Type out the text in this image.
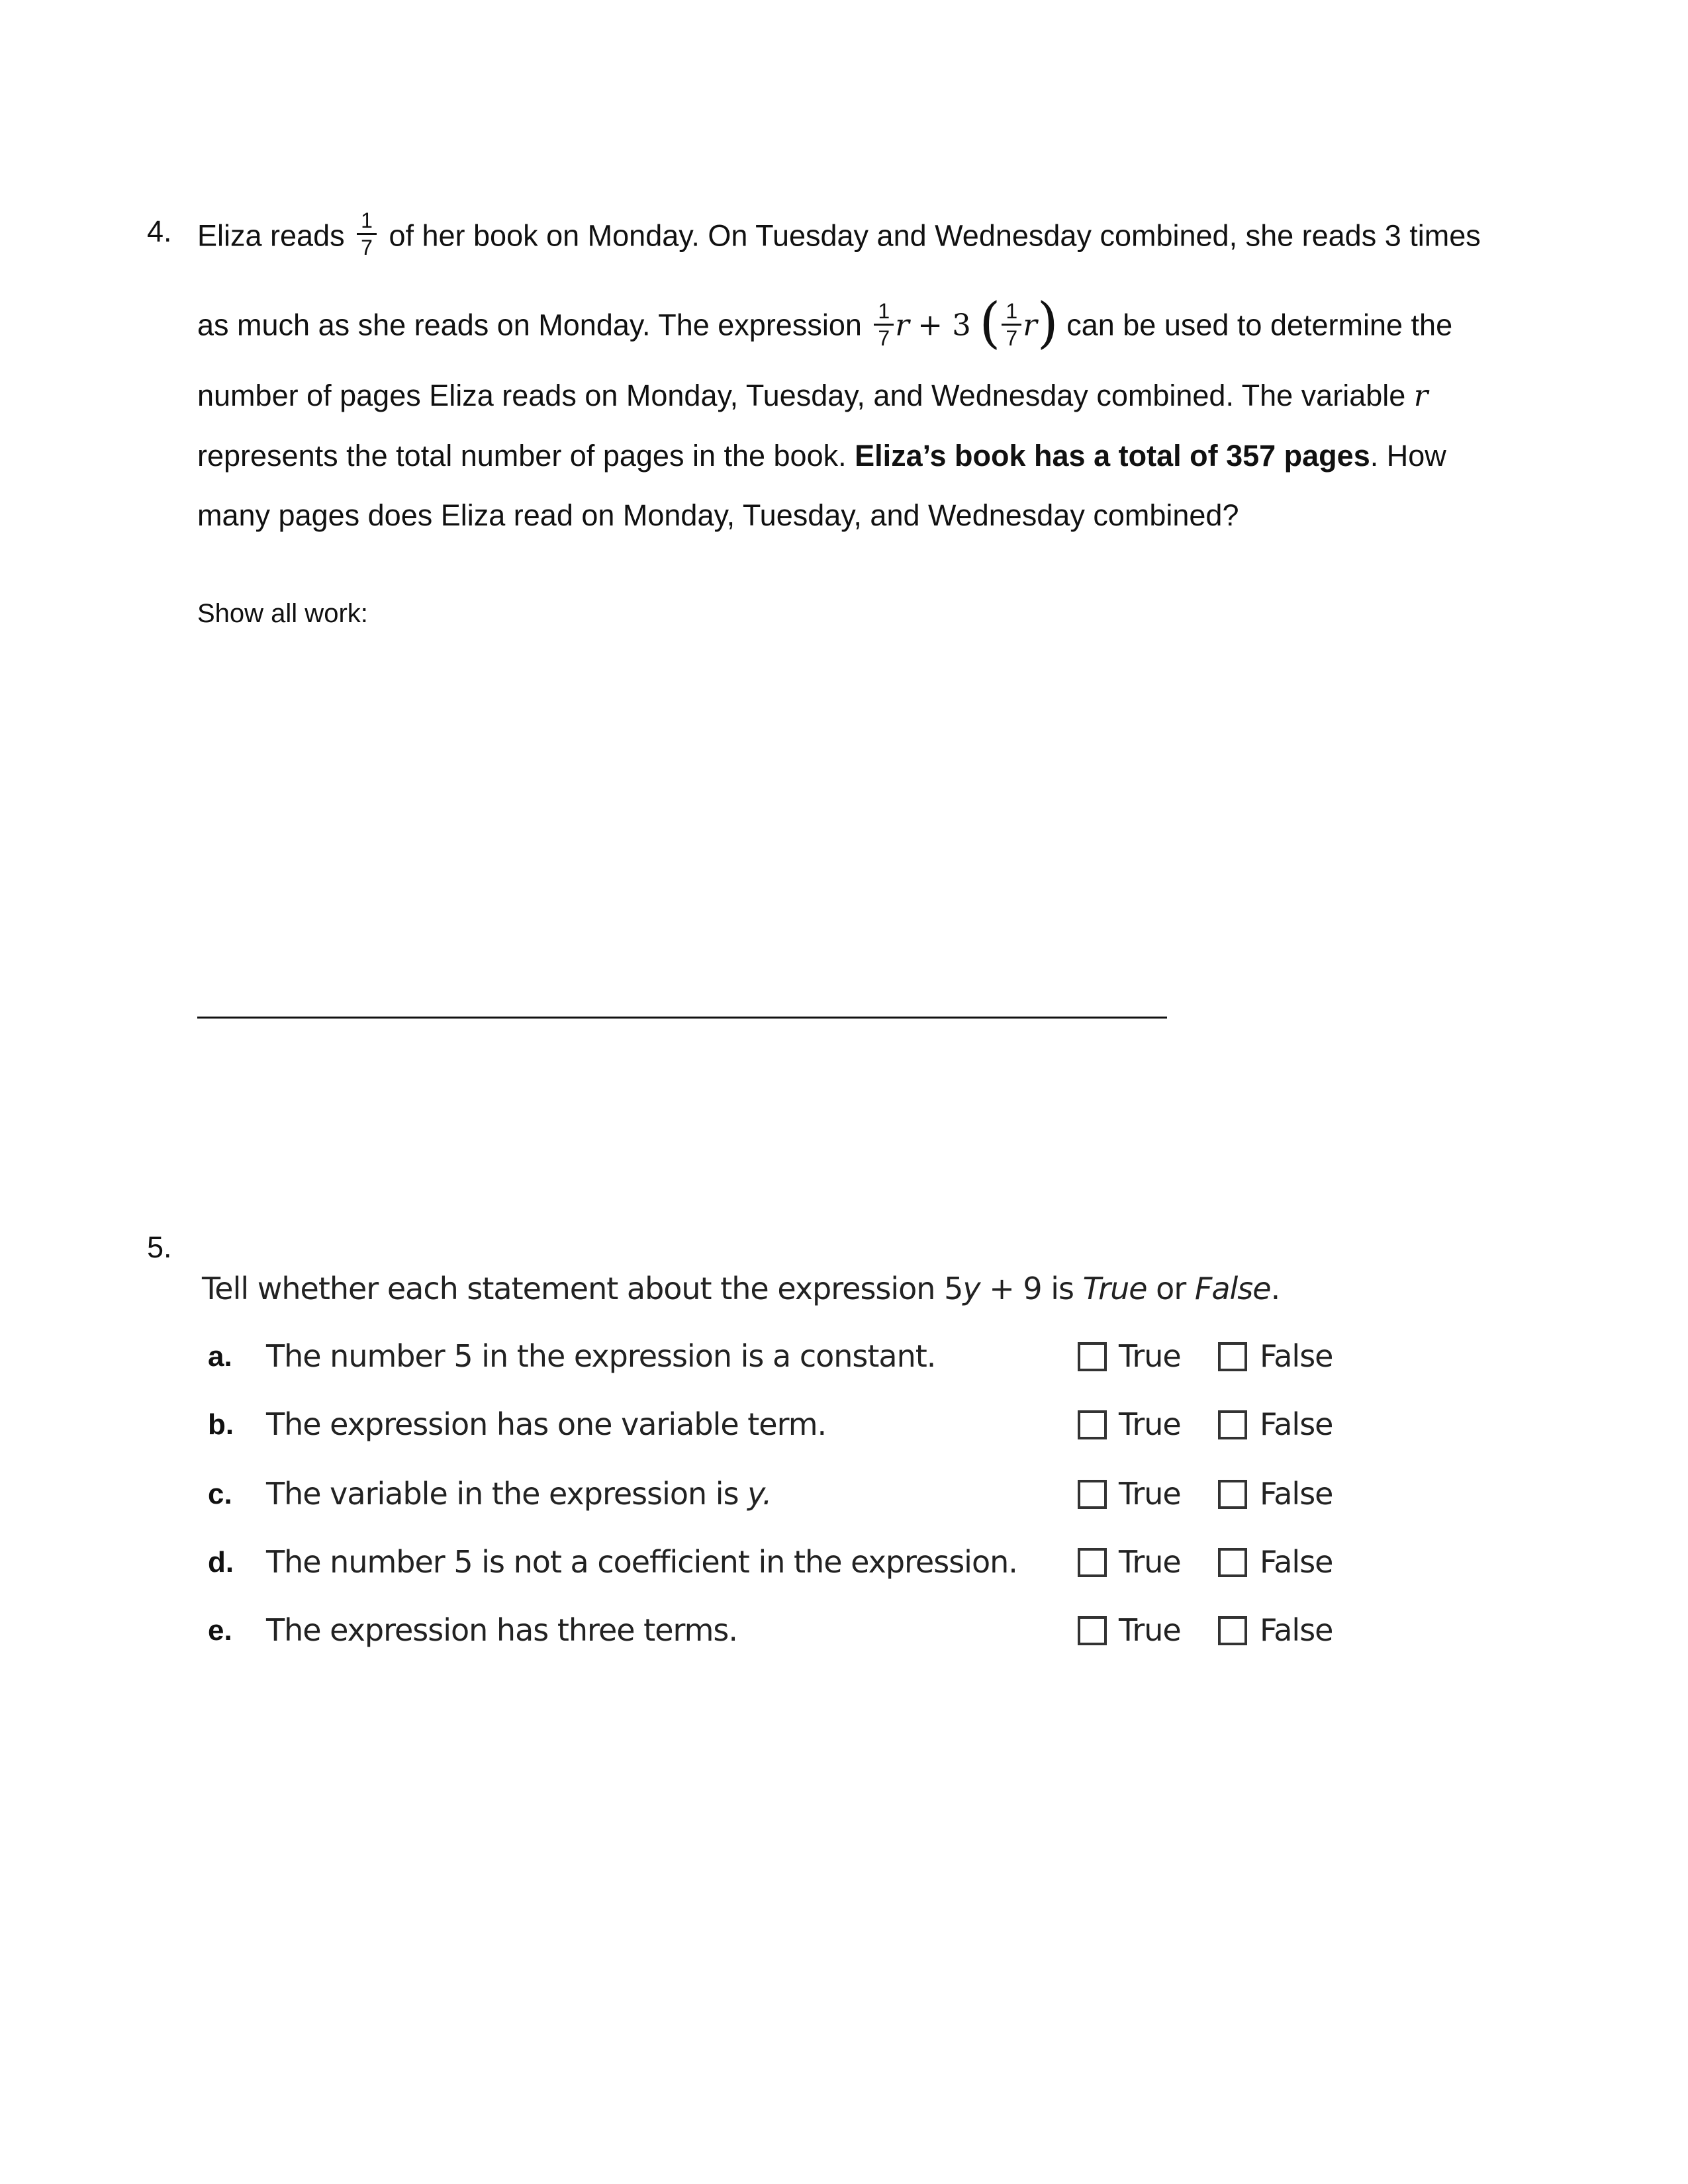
4. Eliza reads $\frac{1}{7}$ of her book on Monday. On Tuesday and Wednesday combined, she reads 3 times
as much as she reads on Monday. The expression $\frac{1}{7}$ r + 3 ( $\frac{1}{7} r$) can be used to determine the
number of pages Eliza reads on Monday, Tuesday, and Wednesday combined. The variable r
represents the total number of pages in the book. Eliza’s book has a total of 357 pages. How
many pages does Eliza read on Monday, Tuesday, and Wednesday combined?
Show all work:
5.
Tell whether each statement about the expression 5y + 9 is True or False.
a. The number 5 in the expression is a constant.	True	False
b. The expression has one variable term.	True	False
c. The variable in the expression is y.	True	False
d. The number 5 is not a coefficient in the expression.	True	False
e. The expression has three terms.	True	False
